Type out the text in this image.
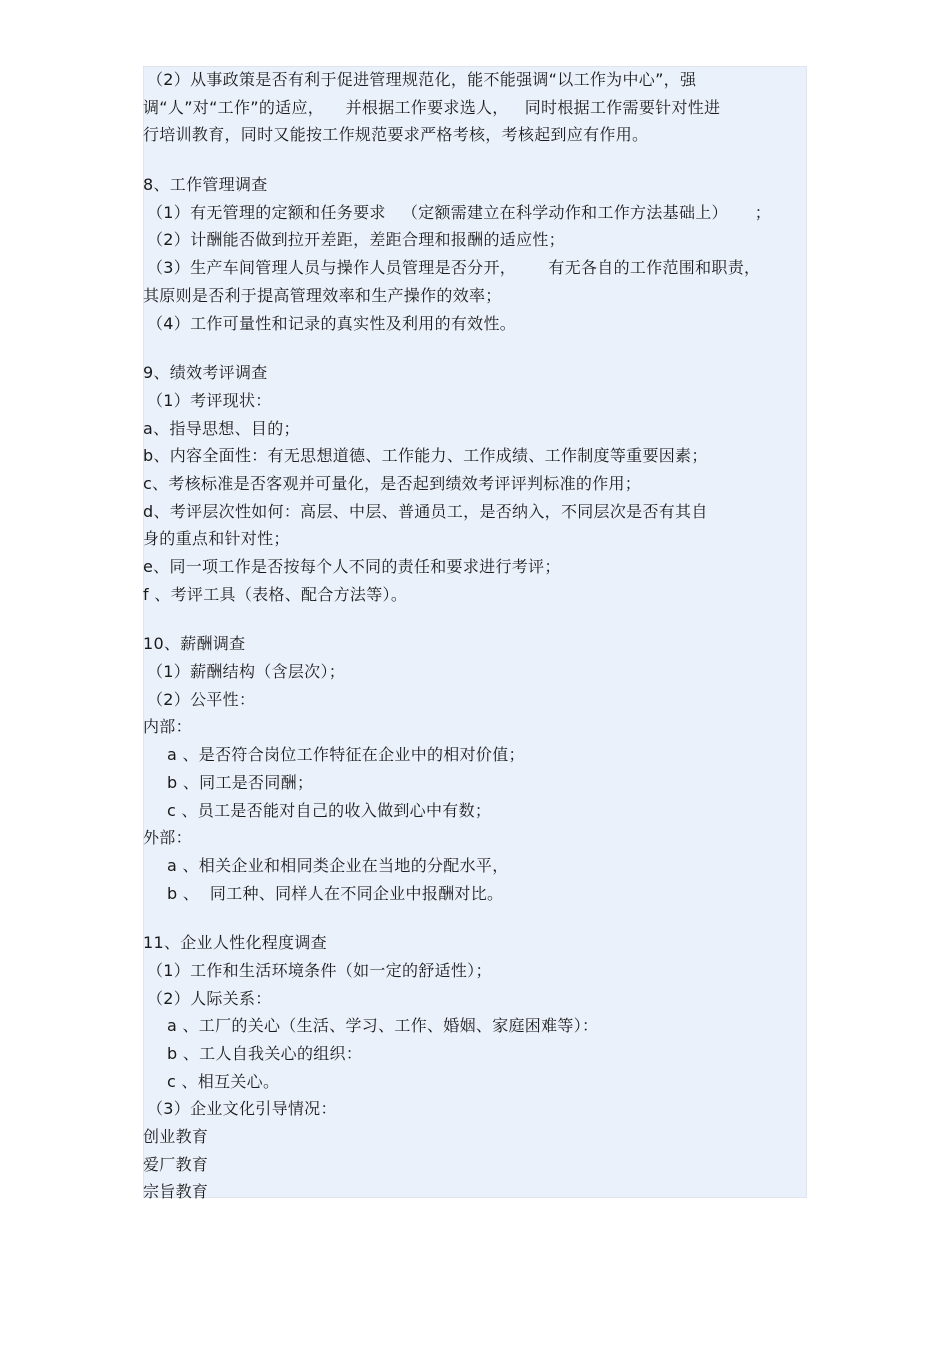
（2）从事政策是否有利于促进管理规范化，能不能强调“以工作为中心”，强
调“人”对“工作”的适应，    并根据工作要求选人，   同时根据工作需要针对性进
行培训教育，同时又能按工作规范要求严格考核，考核起到应有作用。
8、工作管理调查
（1）有无管理的定额和任务要求   （定额需建立在科学动作和工作方法基础上）     ；
（2）计酬能否做到拉开差距，差距合理和报酬的适应性；
（3）生产车间管理人员与操作人员管理是否分开，      有无各自的工作范围和职责，
其原则是否利于提高管理效率和生产操作的效率；
（4）工作可量性和记录的真实性及利用的有效性。
9、绩效考评调查
（1）考评现状：
a、指导思想、目的；
b、内容全面性：有无思想道德、工作能力、工作成绩、工作制度等重要因素；
c、考核标准是否客观并可量化，是否起到绩效考评评判标准的作用；
d、考评层次性如何：高层、中层、普通员工，是否纳入，不同层次是否有其自
身的重点和针对性；
e、同一项工作是否按每个人不同的责任和要求进行考评；
f 、考评工具（表格、配合方法等）。
10、薪酬调查
（1）薪酬结构（含层次）；
（2）公平性：
内部：
a 、是否符合岗位工作特征在企业中的相对价值；
b 、同工是否同酬；
c 、员工是否能对自己的收入做到心中有数；
外部：
a 、相关企业和相同类企业在当地的分配水平，
b 、  同工种、同样人在不同企业中报酬对比。
11、企业人性化程度调查
（1）工作和生活环境条件（如一定的舒适性）；
（2）人际关系：
a 、工厂的关心（生活、学习、工作、婚姻、家庭困难等）：
b 、工人自我关心的组织：
c 、相互关心。
（3）企业文化引导情况：
创业教育
爱厂教育
宗旨教育
